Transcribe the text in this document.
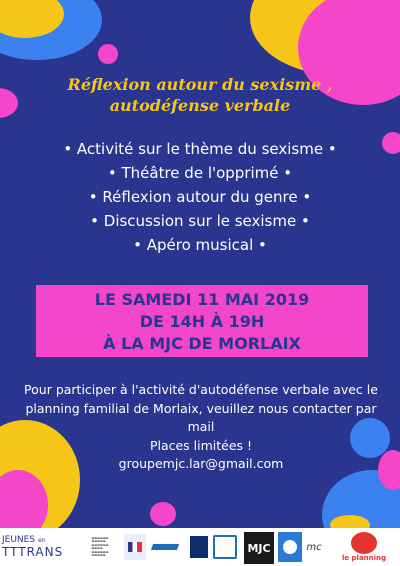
Réflexion autour du sexisme ,
autodéfense verbale
• Activité sur le thème du sexisme •
• Théâtre de l'opprimé •
• Réflexion autour du genre •
• Discussion sur le sexisme •
• Apéro musical •
LE SAMEDI 11 MAI 2019
DE 14H À 19H
À LA MJC DE MORLAIX
Pour participer à l'activité d'autodéfense verbale avec le
planning familial de Morlaix, veuillez nous contacter par
mail
Places limitées !
groupemjc.lar@gmail.com
JEUNES en
TTTRANS
▬▬▬▬▬▬
▬▬▬▬▬
▬▬▬▬▬▬
▬▬▬▬
▬▬▬▬▬▬
▬▬▬▬▬
MJC	mc
le planning
